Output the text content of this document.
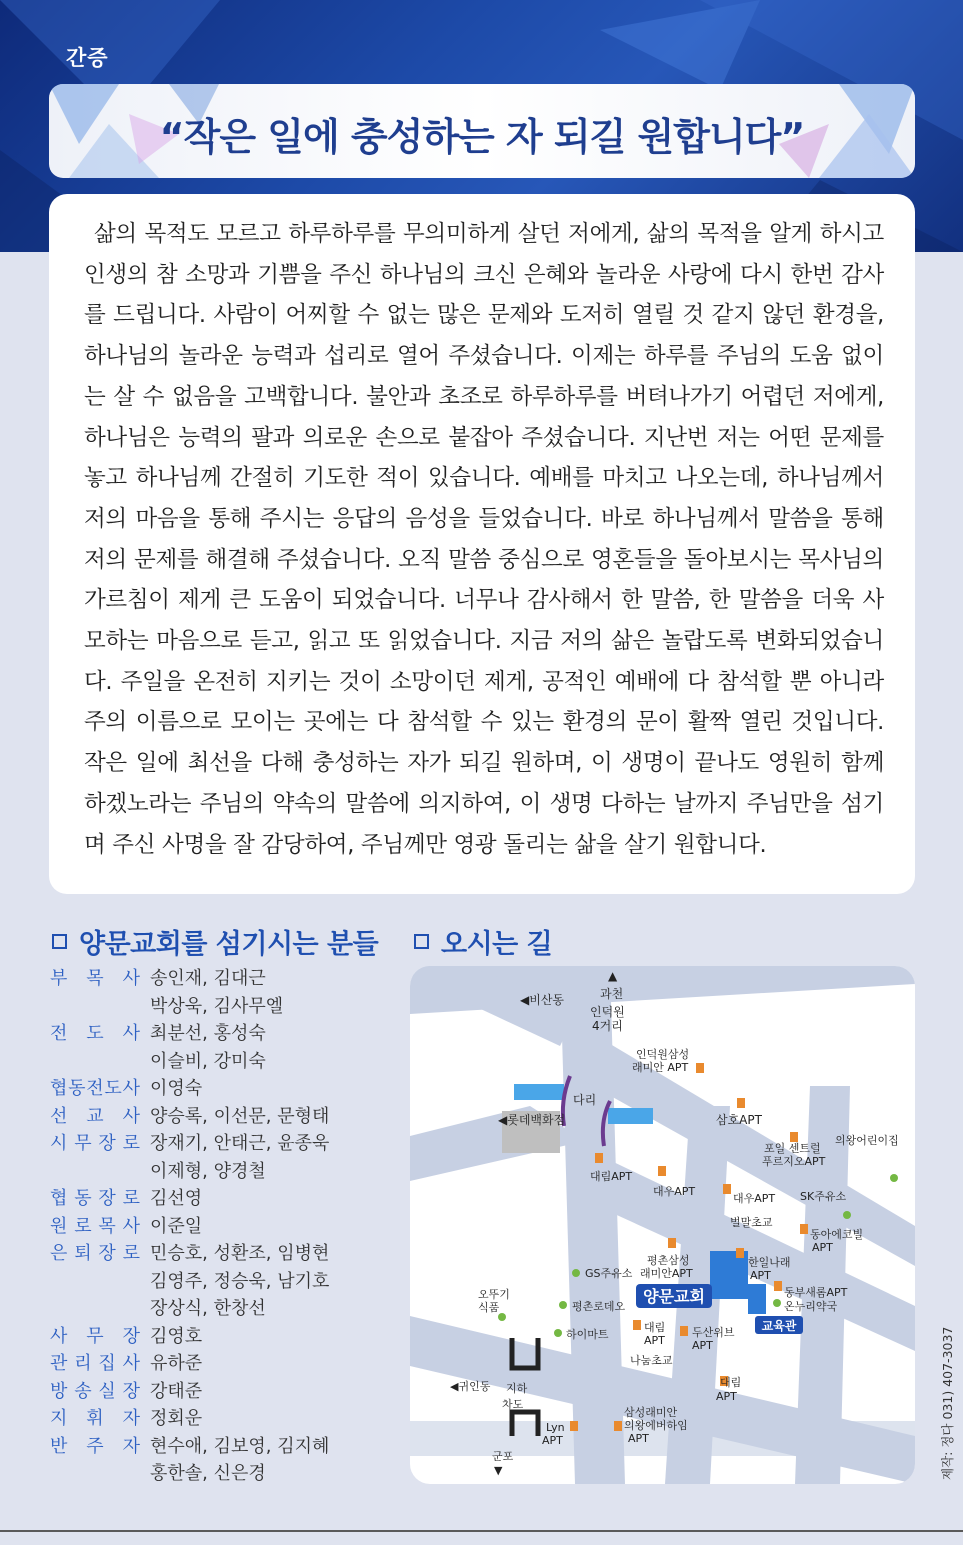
간증
“작은 일에 충성하는 자 되길 원합니다”
삶의 목적도 모르고 하루하루를 무의미하게 살던 저에게, 삶의 목적을 알게 하시고 인생의 참 소망과 기쁨을 주신 하나님의 크신 은혜와 놀라운 사랑에 다시 한번 감사를 드립니다. 사람이 어찌할 수 없는 많은 문제와 도저히 열릴 것 같지 않던 환경을, 하나님의 놀라운 능력과 섭리로 열어 주셨습니다. 이제는 하루를 주님의 도움 없이는 살 수 없음을 고백합니다. 불안과 초조로 하루하루를 버텨나가기 어렵던 저에게, 하나님은 능력의 팔과 의로운 손으로 붙잡아 주셨습니다. 지난번 저는 어떤 문제를 놓고 하나님께 간절히 기도한 적이 있습니다. 예배를 마치고 나오는데, 하나님께서 저의 마음을 통해 주시는 응답의 음성을 들었습니다. 바로 하나님께서 말씀을 통해 저의 문제를 해결해 주셨습니다. 오직 말씀 중심으로 영혼들을 돌아보시는 목사님의 가르침이 제게 큰 도움이 되었습니다. 너무나 감사해서 한 말씀, 한 말씀을 더욱 사모하는 마음으로 듣고, 읽고 또 읽었습니다. 지금 저의 삶은 놀랍도록 변화되었습니다. 주일을 온전히 지키는 것이 소망이던 제게, 공적인 예배에 다 참석할 뿐 아니라 주의 이름으로 모이는 곳에는 다 참석할 수 있는 환경의 문이 활짝 열린 것입니다. 작은 일에 최선을 다해 충성하는 자가 되길 원하며, 이 생명이 끝나도 영원히 함께 하겠노라는 주님의 약속의 말씀에 의지하여, 이 생명 다하는 날까지 주님만을 섬기며 주신 사명을 잘 감당하여, 주님께만 영광 돌리는 삶을 살기 원합니다.
양문교회를 섬기시는 분들 오시는 길
부 목 사 송인재, 김대근
박상욱, 김사무엘
전 도 사 최분선, 홍성숙
이슬비, 강미숙
협 동 전 도 사 이영숙
선 교 사 양승록, 이선문, 문형태
시 무 장 로 장재기, 안태근, 윤종욱
이제형, 양경철
협 동 장 로 김선영
원 로 목 사 이준일
은 퇴 장 로 민승호, 성환조, 임병현
김영주, 정승욱, 남기호
장상식, 한창선
사 무 장 김영호
관 리 집 사 유하준
방 송 실 장 강태준
지 휘 자 정회운
반 주 자 현수애, 김보영, 김지혜
홍한솔, 신은경
양문교회
교육관
◀비산동
▲
과천
인덕원
4거리
인덕원삼성
래미안 APT
다리
◀롯데백화점	삼호APT
포일 센트럴
푸르지오APT
의왕어린이집
대림APT
대우APT
대우APT SK주유소
벌말초교
동아에코빌
APT
평촌삼성
래미안APT
한일나래
APT
GS주유소
오뚜기
식품
동부새롬APT
온누리약국
평촌로데오
대림
APT
두산위브
APT
하이마트
나눔초교
◀귀인동 지하
차도
대림
APT
Lyn
APT
삼성래미안
의왕에버하임
APT
군포
▼	제작: 정다 031) 407-3037
